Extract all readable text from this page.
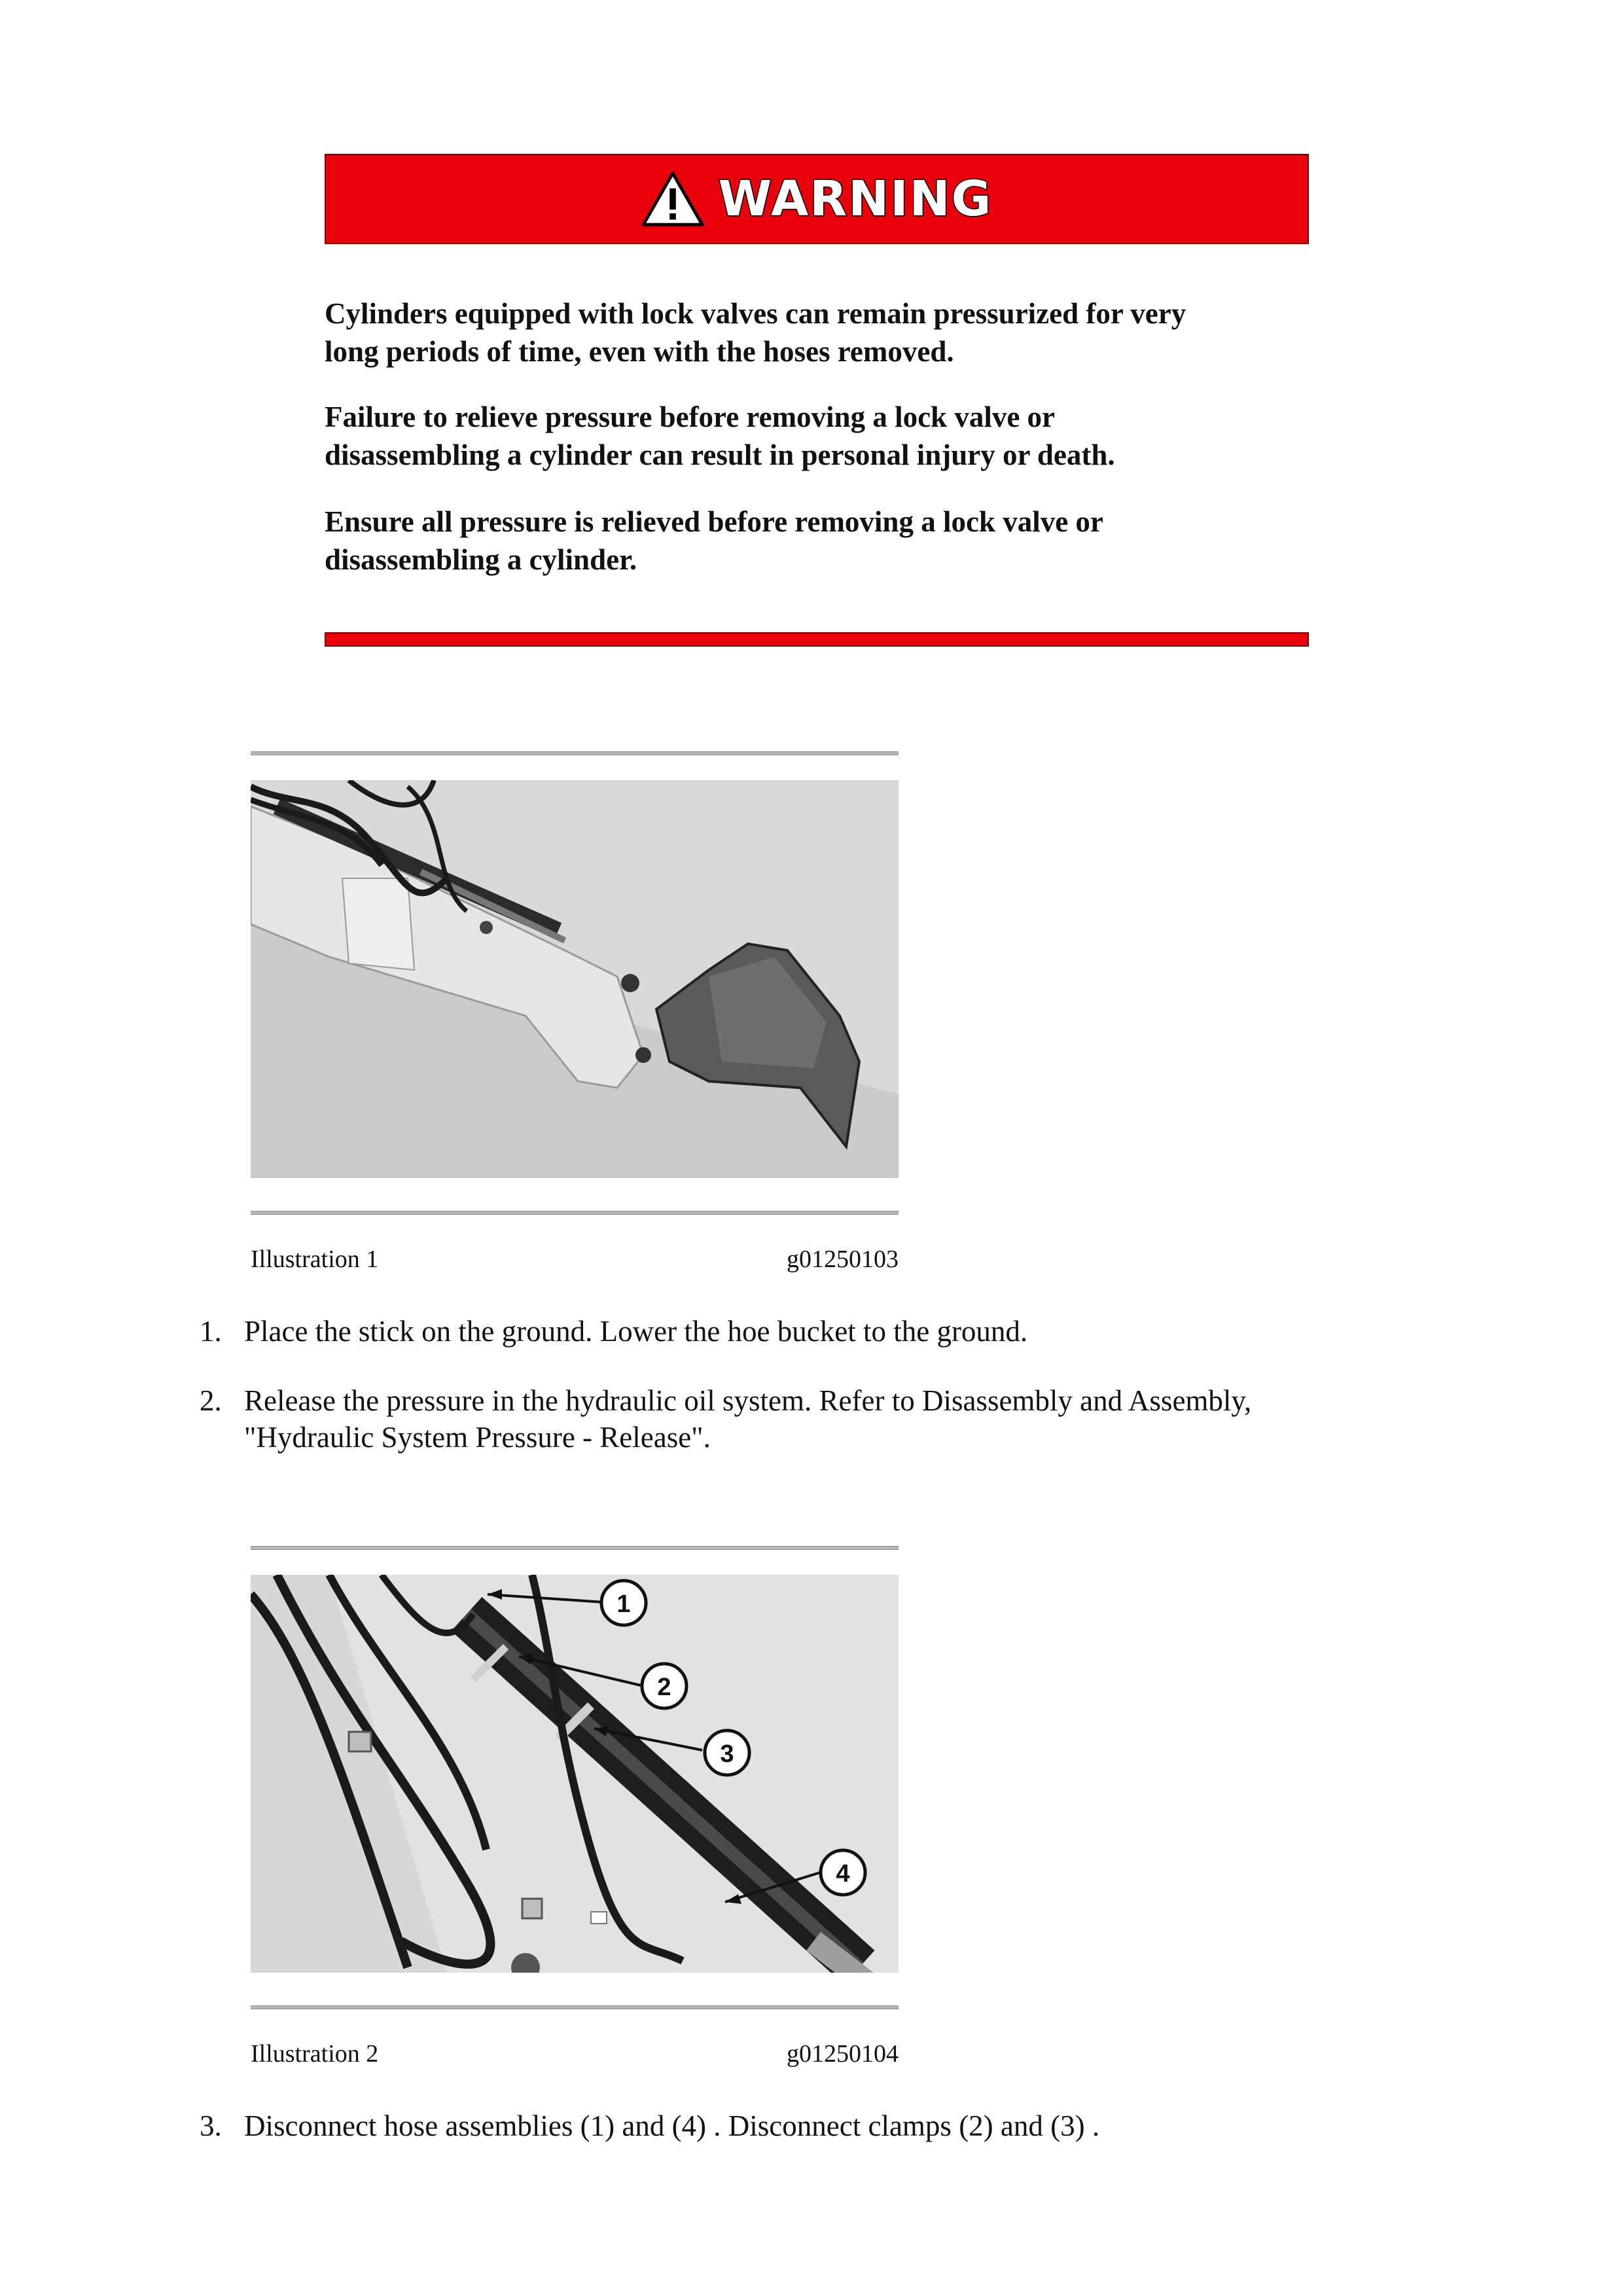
WARNING

Cylinders equipped with lock valves can remain pressurized for very
long periods of time, even with the hoses removed.

Failure to relieve pressure before removing a lock valve or
disassembling a cylinder can result in personal injury or death.

Ensure all pressure is relieved before removing a lock valve or
disassembling a cylinder.

Illustration 1	g01250103
1. Place the stick on the ground. Lower the hoe bucket to the ground.
2. Release the pressure in the hydraulic oil system. Refer to Disassembly and Assembly,
"Hydraulic System Pressure - Release".
1
2
3
4
Illustration 2	g01250104
3. Disconnect hose assemblies (1) and (4) . Disconnect clamps (2) and (3) .
